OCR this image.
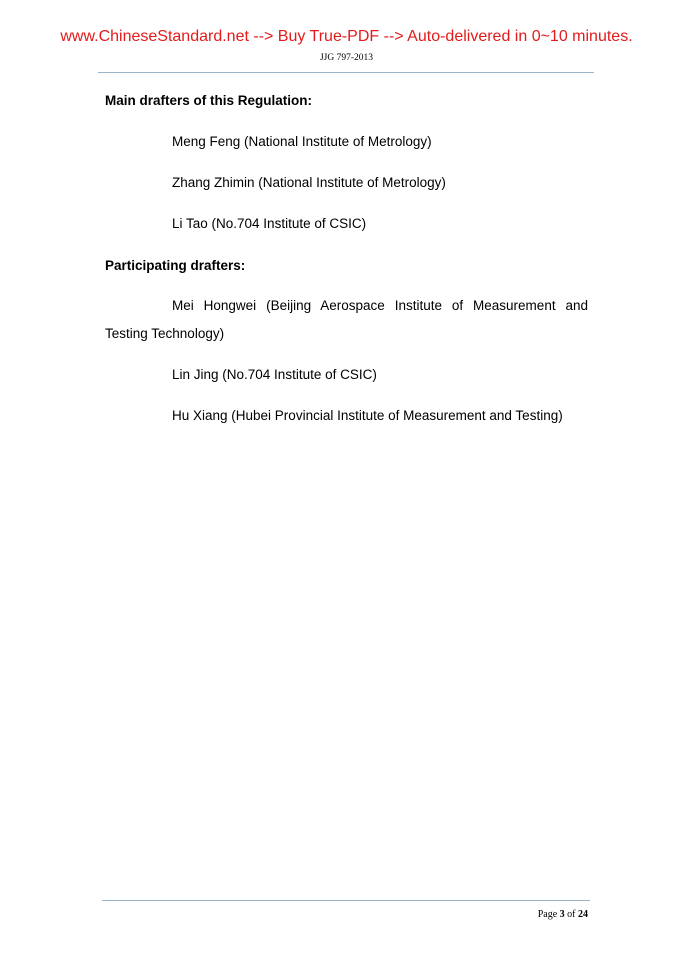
www.ChineseStandard.net --> Buy True-PDF --> Auto-delivered in 0~10 minutes.
JJG 797-2013
Main drafters of this Regulation:
Meng Feng (National Institute of Metrology)
Zhang Zhimin (National Institute of Metrology)
Li Tao (No.704 Institute of CSIC)
Participating drafters:
Mei Hongwei (Beijing Aerospace Institute of Measurement and Testing Technology)
Lin Jing (No.704 Institute of CSIC)
Hu Xiang (Hubei Provincial Institute of Measurement and Testing)
Page 3 of 24
